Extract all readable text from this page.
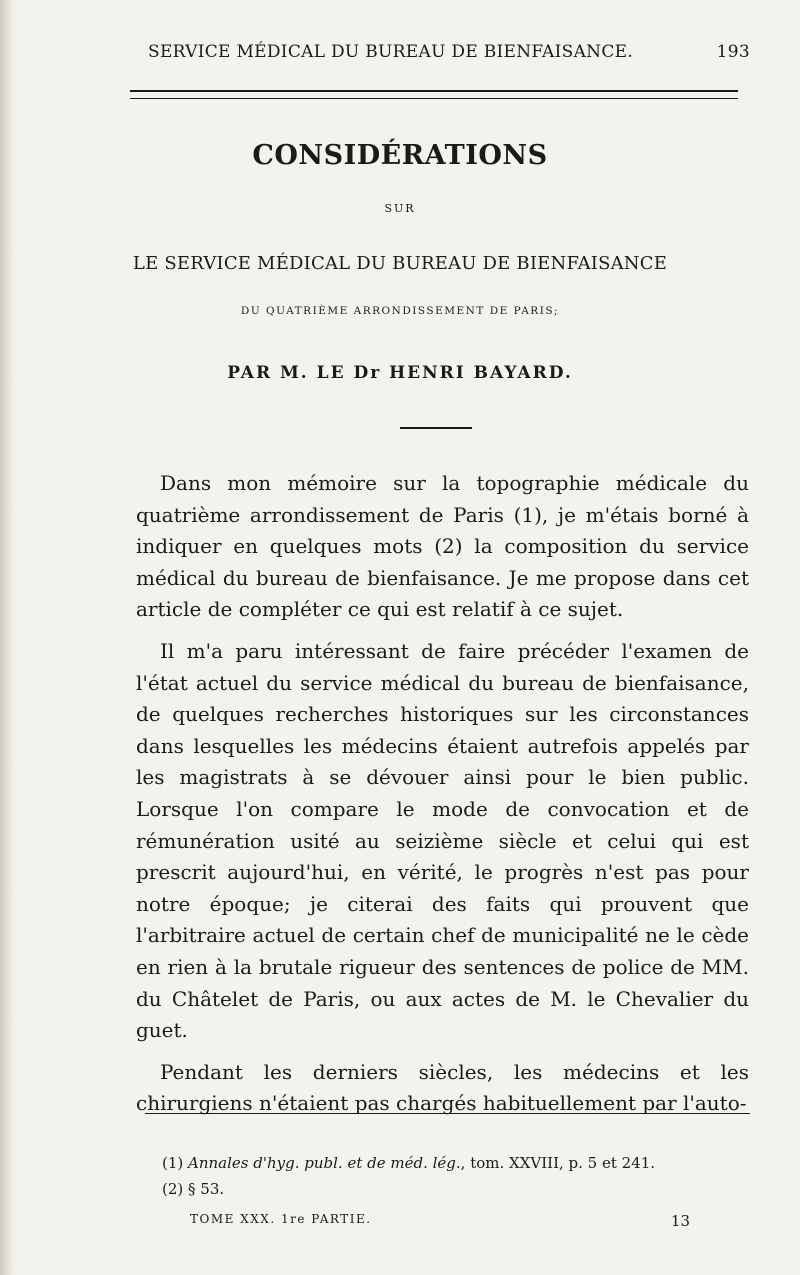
SERVICE MÉDICAL DU BUREAU DE BIENFAISANCE.	193
CONSIDÉRATIONS
SUR
LE SERVICE MÉDICAL DU BUREAU DE BIENFAISANCE
DU QUATRIÈME ARRONDISSEMENT DE PARIS;
PAR M. LE Dr HENRI BAYARD.

Dans mon mémoire sur la topographie médicale du quatrième arrondissement de Paris (1), je m'étais borné à indiquer en quelques mots (2) la composition du service médical du bureau de bienfaisance. Je me propose dans cet article de compléter ce qui est relatif à ce sujet.

Il m'a paru intéressant de faire précéder l'examen de l'état actuel du service médical du bureau de bienfaisance, de quelques recherches historiques sur les circonstances dans lesquelles les médecins étaient autrefois appelés par les magistrats à se dévouer ainsi pour le bien public. Lorsque l'on compare le mode de convocation et de rémunération usité au seizième siècle et celui qui est prescrit aujourd'hui, en vérité, le progrès n'est pas pour notre époque; je citerai des faits qui prouvent que l'arbitraire actuel de certain chef de municipalité ne le cède en rien à la brutale rigueur des sentences de police de MM. du Châtelet de Paris, ou aux actes de M. le Chevalier du guet.

Pendant les derniers siècles, les médecins et les chirurgiens n'étaient pas chargés habituellement par l'auto-

(1) Annales d'hyg. publ. et de méd. lég., tom. XXVIII, p. 5 et 241.
(2) § 53.
TOME XXX. 1re PARTIE.	13
